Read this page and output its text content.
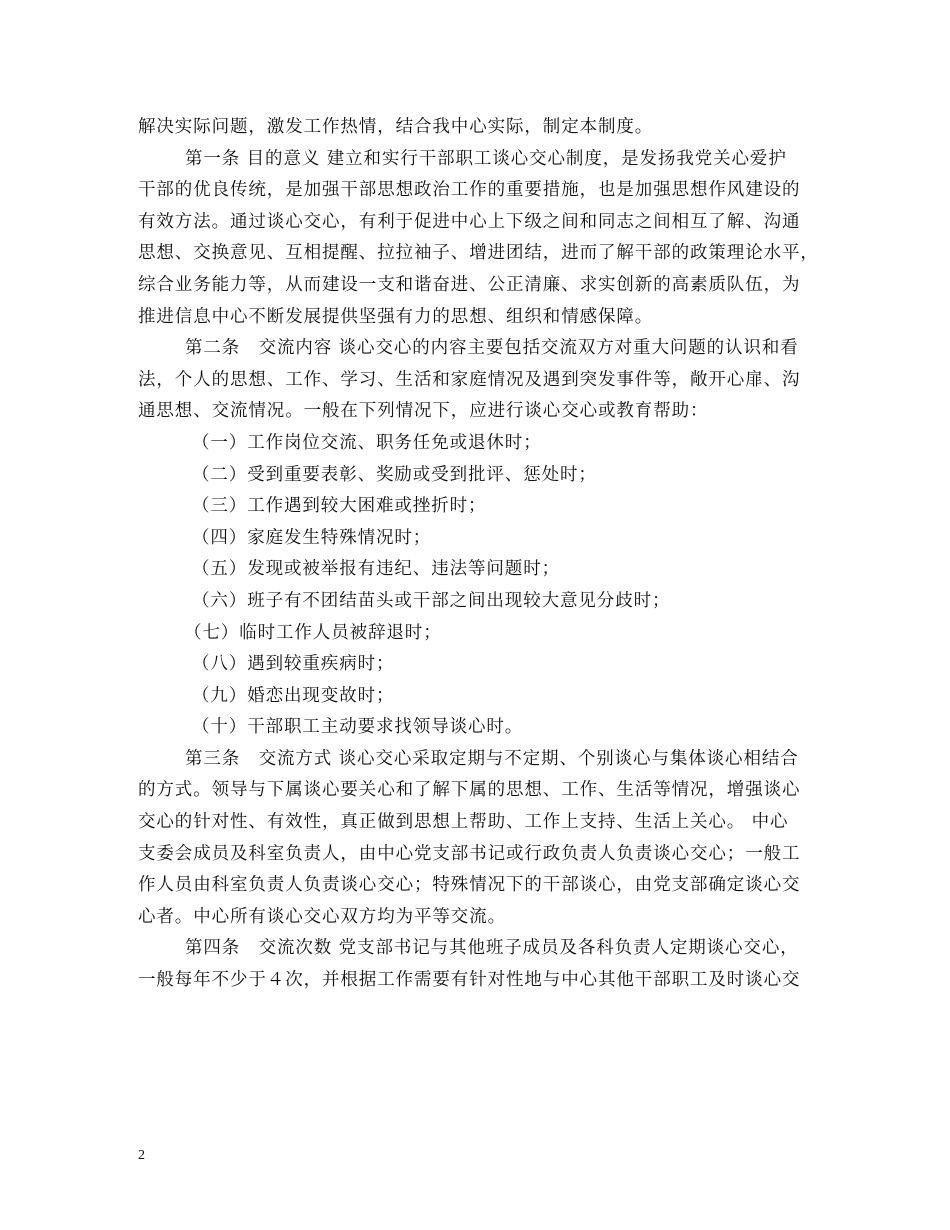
解决实际问题，激发工作热情，结合我中心实际，制定本制度。
第一条 目的意义 建立和实行干部职工谈心交心制度，是发扬我党关心爱护
干部的优良传统，是加强干部思想政治工作的重要措施，也是加强思想作风建设的
有效方法。通过谈心交心，有利于促进中心上下级之间和同志之间相互了解、沟通
思想、交换意见、互相提醒、拉拉袖子、增进团结，进而了解干部的政策理论水平，
综合业务能力等，从而建设一支和谐奋进、公正清廉、求实创新的高素质队伍，为
推进信息中心不断发展提供坚强有力的思想、组织和情感保障。
第二条　交流内容 谈心交心的内容主要包括交流双方对重大问题的认识和看
法，个人的思想、工作、学习、生活和家庭情况及遇到突发事件等，敞开心扉、沟
通思想、交流情况。一般在下列情况下，应进行谈心交心或教育帮助：
（一）工作岗位交流、职务任免或退休时；
（二）受到重要表彰、奖励或受到批评、惩处时；
（三）工作遇到较大困难或挫折时；
（四）家庭发生特殊情况时；
（五）发现或被举报有违纪、违法等问题时；
（六）班子有不团结苗头或干部之间出现较大意见分歧时；
（七）临时工作人员被辞退时；
（八）遇到较重疾病时；
（九）婚恋出现变故时；
（十）干部职工主动要求找领导谈心时。
第三条　交流方式 谈心交心采取定期与不定期、个别谈心与集体谈心相结合
的方式。领导与下属谈心要关心和了解下属的思想、工作、生活等情况，增强谈心
交心的针对性、有效性，真正做到思想上帮助、工作上支持、生活上关心。 中心
支委会成员及科室负责人，由中心党支部书记或行政负责人负责谈心交心；一般工
作人员由科室负责人负责谈心交心；特殊情况下的干部谈心，由党支部确定谈心交
心者。中心所有谈心交心双方均为平等交流。
第四条　交流次数 党支部书记与其他班子成员及各科负责人定期谈心交心，
一般每年不少于４次，并根据工作需要有针对性地与中心其他干部职工及时谈心交
2
